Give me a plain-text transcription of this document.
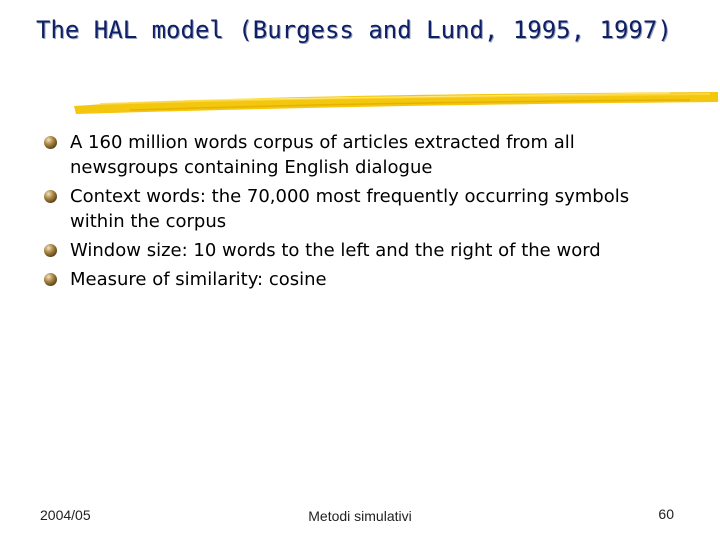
The HAL model (Burgess and Lund, 1995, 1997)
A 160 million words corpus of articles extracted from all newsgroups containing English dialogue
Context words: the 70,000 most frequently occurring symbols within the corpus
Window size: 10 words to the left and the right of the word
Measure of similarity: cosine
2004/05	Metodi simulativi	60
